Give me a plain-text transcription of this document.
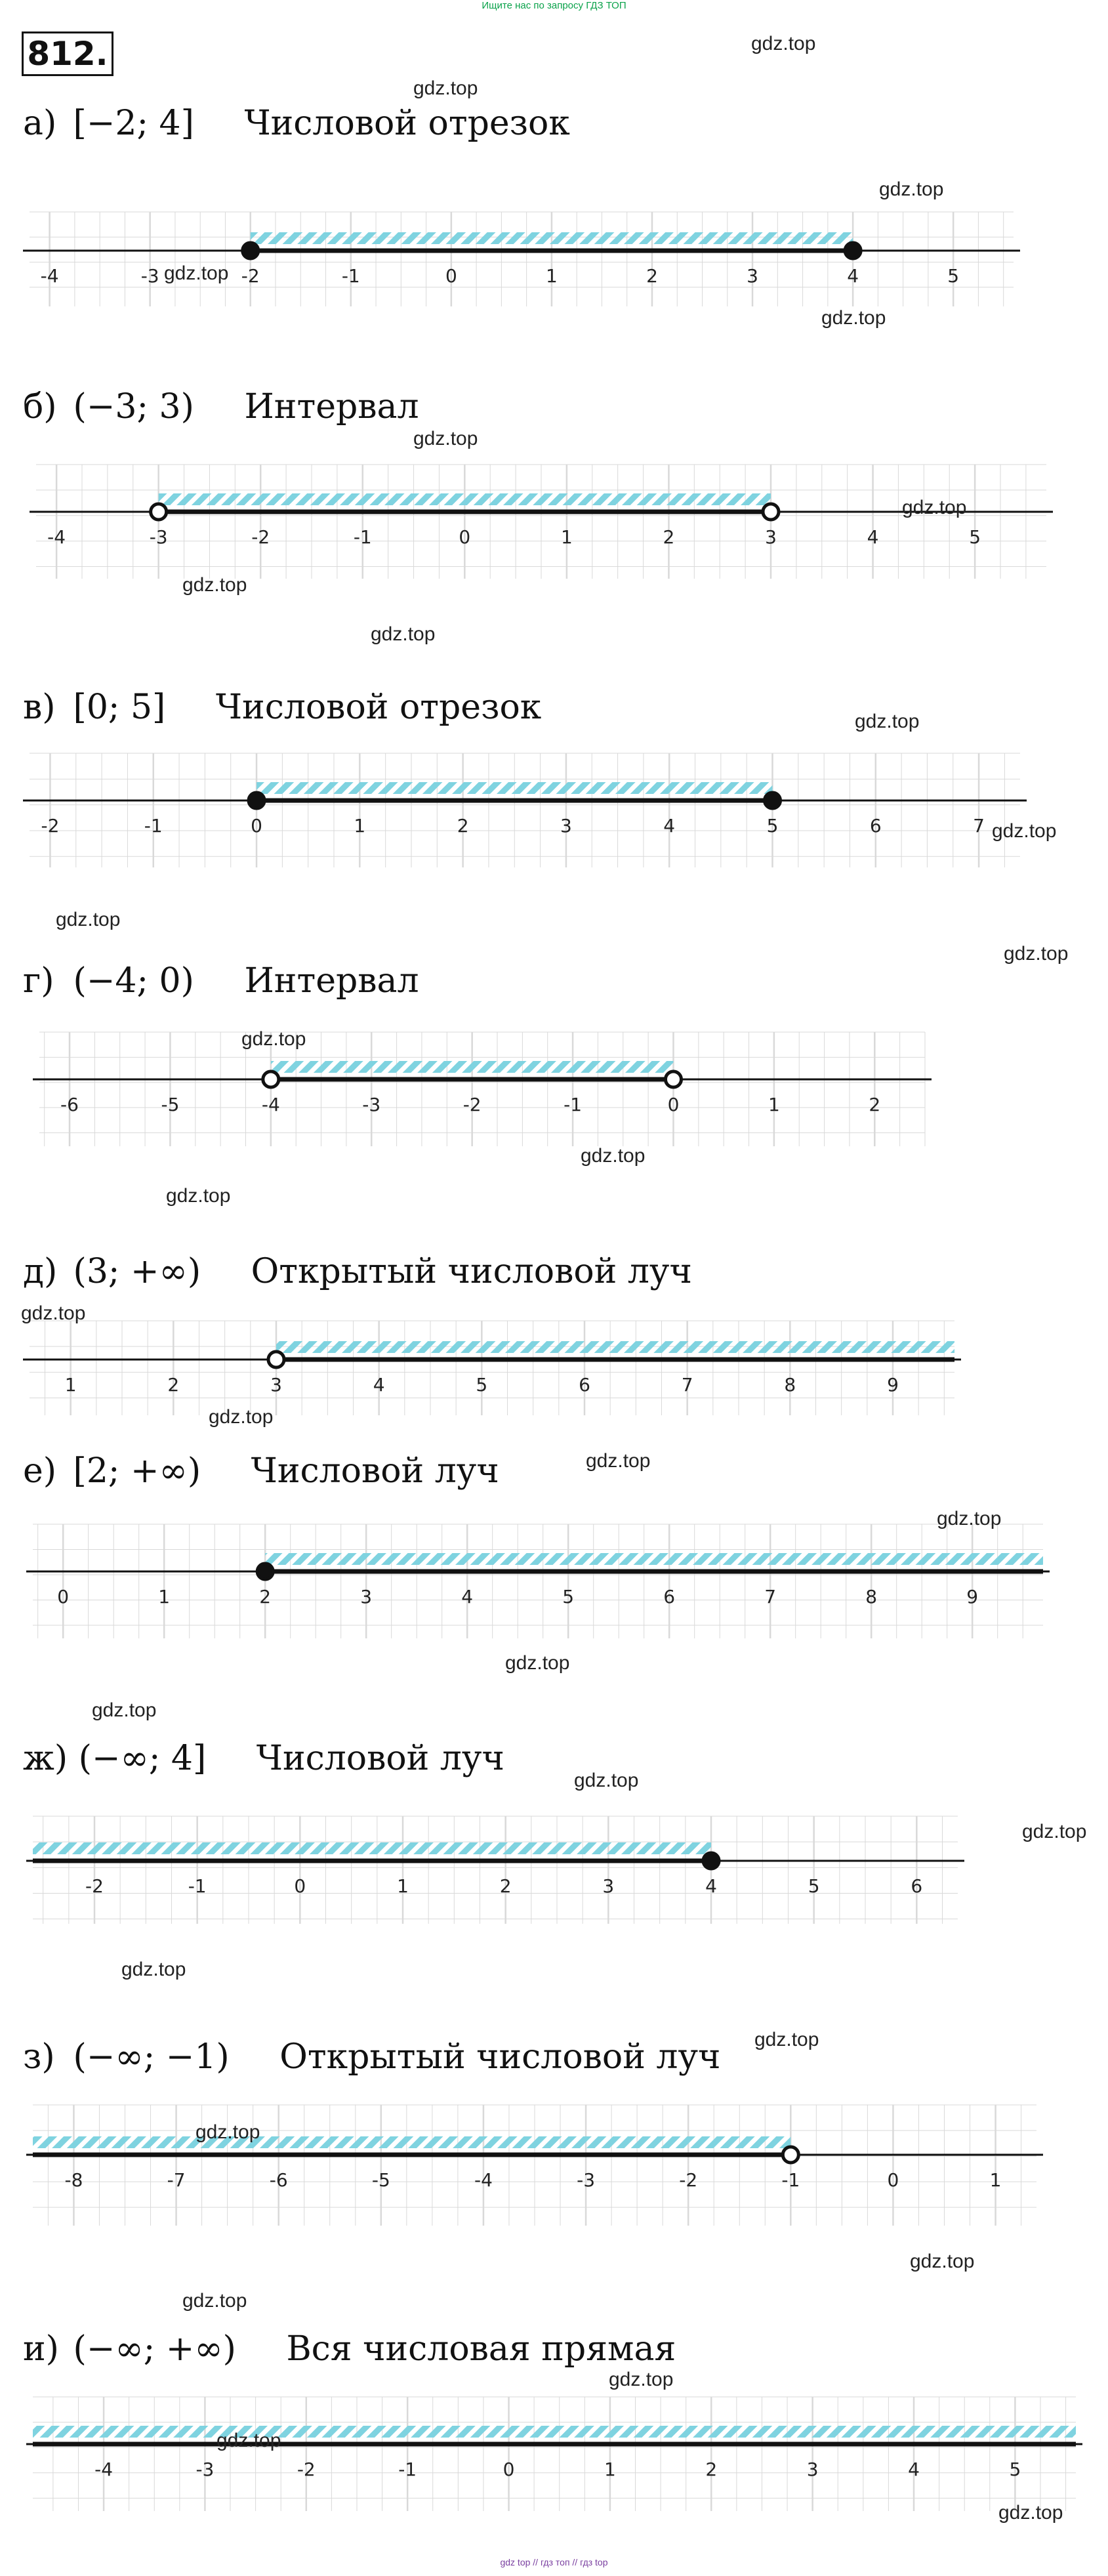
Ищите нас по запросу ГДЗ ТОП
812.
а) [−2; 4] Числовой отрезок
б) (−3; 3) Интервал
в) [0; 5] Числовой отрезок
г) (−4; 0) Интервал
д) (3; +∞) Открытый числовой луч
е) [2; +∞) Числовой луч
ж) (−∞; 4] Числовой луч
з) (−∞; −1) Открытый числовой луч
и) (−∞; +∞) Вся числовая прямая
-4	-3	-2	-1	0	1	2	3	4	5
-4	-3	-2	-1	0	1	2	3	4	5
-2	-1	0	1	2	3	4	5	6	7
-6	-5	-4	-3	-2	-1	0	1	2
1	2	3	4	5	6	7	8	9
0	1	2	3	4	5	6	7	8	9
-2	-1	0	1	2	3	4	5	6
-8	-7	-6	-5	-4	-3	-2	-1	0	1
-4	-3	-2	-1	0	1	2	3	4	5
gdz.top
gdz.top
gdz.top
gdz.top
gdz.top
gdz.top
gdz.top
gdz.top
gdz.top
gdz.top
gdz.top
gdz.top
gdz.top
gdz.top
gdz.top
gdz.top
gdz.top
gdz.top
gdz.top
gdz.top
gdz.top
gdz.top
gdz.top
gdz.top
gdz.top
gdz.top
gdz.top
gdz.top
gdz.top
gdz.top
gdz.top
gdz.top
gdz top // гдз топ // гдз top
